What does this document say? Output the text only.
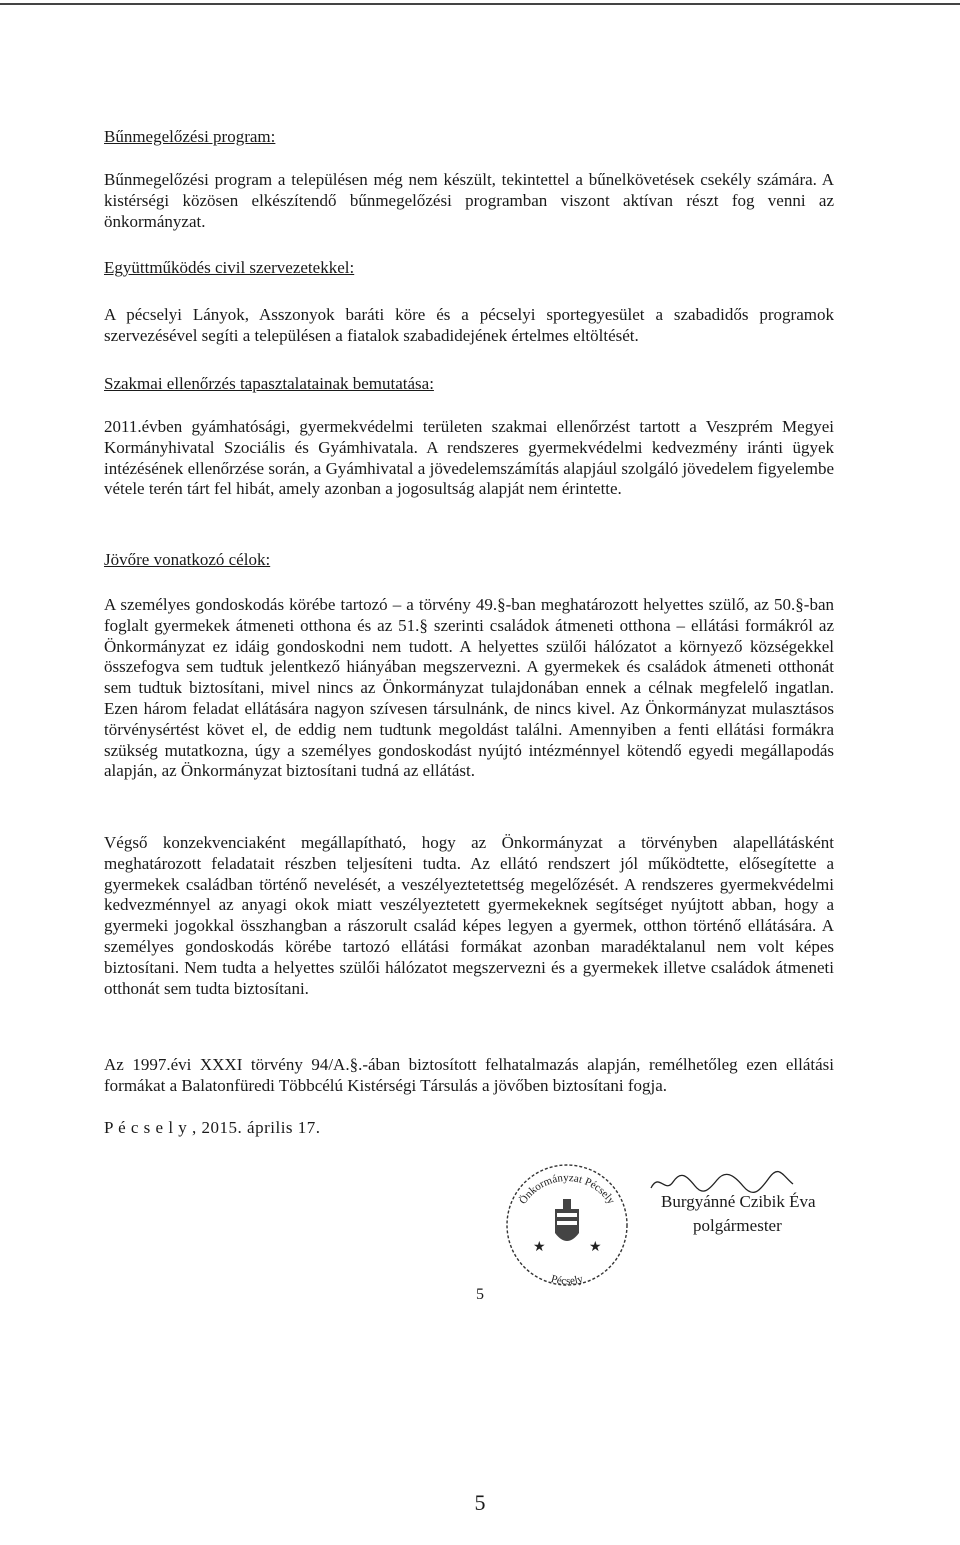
Bűnmegelőzési program:

Bűnmegelőzési program a településen még nem készült, tekintettel a bűnelkövetések csekély számára. A kistérségi közösen elkészítendő bűnmegelőzési programban viszont aktívan részt fog venni az önkormányzat.

Együttműködés civil szervezetekkel:

A pécselyi Lányok, Asszonyok baráti köre és a pécselyi sportegyesület a szabadidős programok szervezésével segíti a településen a fiatalok szabadidejének értelmes eltöltését.

Szakmai ellenőrzés tapasztalatainak bemutatása:

2011.évben gyámhatósági, gyermekvédelmi területen szakmai ellenőrzést tartott a Veszprém Megyei Kormányhivatal Szociális és Gyámhivatala. A rendszeres gyermekvédelmi kedvezmény iránti ügyek intézésének ellenőrzése során, a Gyámhivatal a jövedelemszámítás alapjául szolgáló jövedelem figyelembe vétele terén tárt fel hibát, amely azonban a jogosultság alapját nem érintette.

Jövőre vonatkozó célok:

A személyes gondoskodás körébe tartozó – a törvény 49.§-ban meghatározott helyettes szülő, az 50.§-ban foglalt gyermekek átmeneti otthona és az 51.§ szerinti családok átmeneti otthona – ellátási formákról az Önkormányzat ez idáig gondoskodni nem tudott. A helyettes szülői hálózatot a környező községekkel összefogva sem tudtuk jelentkező hiányában megszervezni. A gyermekek és családok átmeneti otthonát sem tudtuk biztosítani, mivel nincs az Önkormányzat tulajdonában ennek a célnak megfelelő ingatlan. Ezen három feladat ellátására nagyon szívesen társulnánk, de nincs kivel. Az Önkormányzat mulasztásos törvénysértést követ el, de eddig nem tudtunk megoldást találni. Amennyiben a fenti ellátási formákra szükség mutatkozna, úgy a személyes gondoskodást nyújtó intézménnyel kötendő egyedi megállapodás alapján, az Önkormányzat biztosítani tudná az ellátást.

Végső konzekvenciaként megállapítható, hogy az Önkormányzat a törvényben alapellátásként meghatározott feladatait részben teljesíteni tudta. Az ellátó rendszert jól működtette, elősegítette a gyermekek családban történő nevelését, a veszélyeztetettség megelőzését. A rendszeres gyermekvédelmi kedvezménnyel az anyagi okok miatt veszélyeztetett gyermekeknek segítséget nyújtott abban, hogy a gyermeki jogokkal összhangban a rászorult család képes legyen a gyermek, otthon történő ellátására. A személyes gondoskodás körébe tartozó ellátási formákat azonban maradéktalanul nem volt képes biztosítani. Nem tudta a helyettes szülői hálózatot megszervezni és a gyermekek illetve családok átmeneti otthonát sem tudta biztosítani.

Az 1997.évi XXXI törvény 94/A.§.-ában biztosított felhatalmazás alapján, remélhetőleg ezen ellátási formákat a Balatonfüredi Többcélú Kistérségi Társulás a jövőben biztosítani fogja.

P é c s e l y , 2015. április 17.
Önkormányzat Pécsely
Pécsely
★	★
Burgyánné Czibik Éva
polgármester
5
5
